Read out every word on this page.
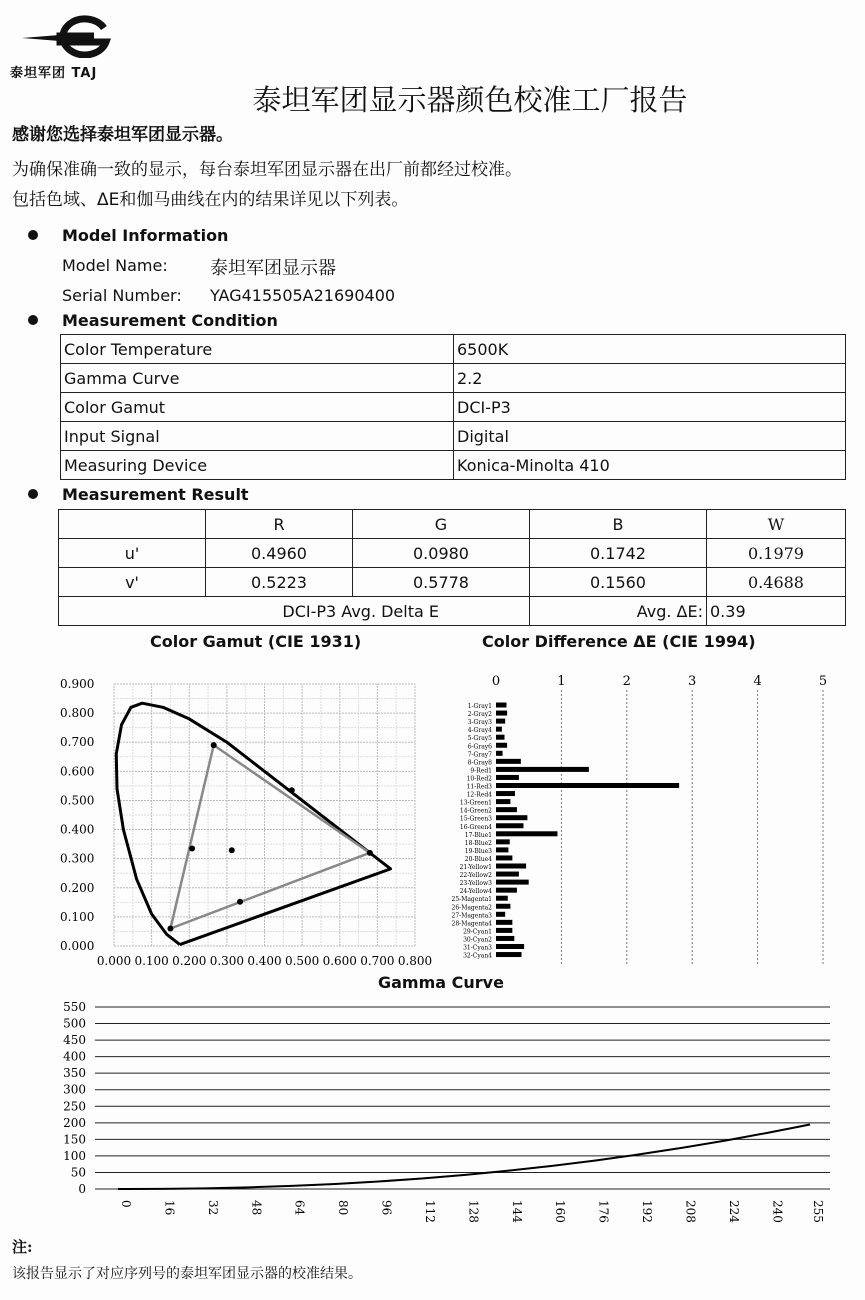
泰坦军团 TAJ
泰坦军团显示器颜色校准工厂报告
感谢您选择泰坦军团显示器。
为确保准确一致的显示，每台泰坦军团显示器在出厂前都经过校准。
包括色域、ΔE和伽马曲线在内的结果详见以下列表。
Model Information
Model Name: 泰坦军团显示器
Serial Number: YAG415505A21690400
Measurement Condition
Color Temperature	6500K
Gamma Curve	2.2
Color Gamut	DCI-P3
Input Signal	Digital
Measuring Device	Konica-Minolta 410
Measurement Result
	R	G	B	W
u'	0.4960	0.0980	0.1742	0.1979
v'	0.5223	0.5778	0.1560	0.4688
DCI-P3 Avg. Delta E			Avg. ΔE:	0.39
Color Gamut (CIE 1931)	Color Difference ΔE (CIE 1994)
Gamma Curve
0.000
0.100
0.200
0.300
0.400
0.500
0.600
0.700
0.800
0.900
0.000 0.100 0.200 0.300 0.400 0.500 0.600 0.700 0.800
0	1	2	3	4	5
1-Gray1
2-Gray2
3-Gray3
4-Gray4
5-Gray5
6-Gray6
7-Gray7
8-Gray8
9-Red1
10-Red2
11-Red3
12-Red4
13-Green1
14-Green2
15-Green3
16-Green4
17-Blue1
18-Blue2
19-Blue3
20-Blue4
21-Yellow1
22-Yellow2
23-Yellow3
24-Yellow4
25-Magenta1
26-Magenta2
27-Magenta3
28-Magenta4
29-Cyan1
30-Cyan2
31-Cyan3
32-Cyan4
0
50
100
150
200
250
300
350
400
450
500
550
0 16 32 48 64 80 96 112 128 144 160 176 192 208 224 240 255
注:
该报告显示了对应序列号的泰坦军团显示器的校准结果。
